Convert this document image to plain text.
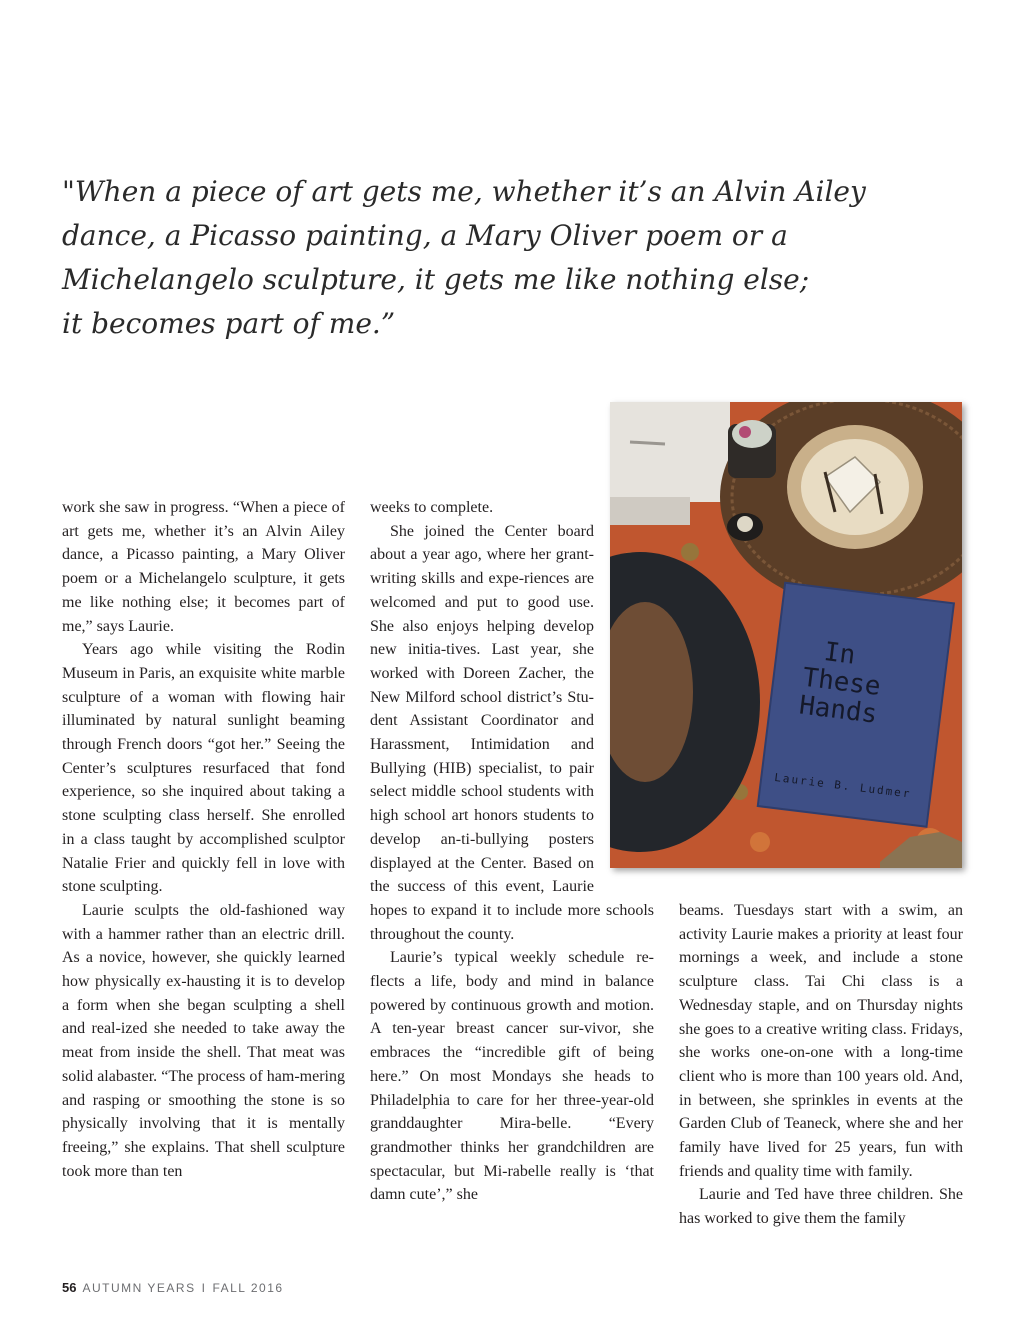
"When a piece of art gets me, whether it’s an Alvin Ailey
dance, a Picasso painting, a Mary Oliver poem or a
Michelangelo sculpture, it gets me like nothing else;
it becomes part of me.”

work she saw in progress. “When a piece of art gets me, whether it’s an Alvin Ailey dance, a Picasso painting, a Mary Oliver poem or a Michelangelo sculpture, it gets me like nothing else; it becomes part of me,” says Laurie.

Years ago while visiting the Rodin Museum in Paris, an exquisite white marble sculpture of a woman with flowing hair illuminated by natural sunlight beaming through French doors “got her.” Seeing the Center’s sculptures resurfaced that fond experience, so she inquired about taking a stone sculpting class herself. She enrolled in a class taught by accomplished sculptor Natalie Frier and quickly fell in love with stone sculpting.

Laurie sculpts the old-fashioned way with a hammer rather than an electric drill. As a novice, however, she quickly learned how physically ex-hausting it is to develop a form when she began sculpting a shell and real-ized she needed to take away the meat from inside the shell. That meat was solid alabaster. “The process of ham-mering and rasping or smoothing the stone is so physically involving that it is mentally freeing,” she explains. That shell sculpture took more than ten

weeks to complete.

She joined the Center board about a year ago, where her grant-writing skills and expe-riences are welcomed and put to good use. She also enjoys helping develop new initia-tives. Last year, she worked with Doreen Zacher, the New Milford school district’s Stu-dent Assistant Coordinator and Harassment, Intimidation and Bullying (HIB) specialist, to pair select middle school students with high school art honors students to develop an-ti-bullying posters displayed at the Center. Based on the success of this event, Laurie hopes to expand it to include more schools throughout the county.

Laurie’s typical weekly schedule re-flects a life, body and mind in balance powered by continuous growth and motion. A ten-year breast cancer sur-vivor, she embraces the “incredible gift of being here.” On most Mondays she heads to Philadelphia to care for her three-year-old granddaughter Mira-belle. “Every grandmother thinks her grandchildren are spectacular, but Mi-rabelle really is ‘that damn cute’,” she

beams. Tuesdays start with a swim, an activity Laurie makes a priority at least four mornings a week, and include a stone sculpture class. Tai Chi class is a Wednesday staple, and on Thursday nights she goes to a creative writing class. Fridays, she works one-on-one with a long-time client who is more than 100 years old. And, in between, she sprinkles in events at the Garden Club of Teaneck, where she and her family have lived for 25 years, fun with friends and quality time with family.

Laurie and Ted have three children. She has worked to give them the family

In
These
Hands
Laurie B. Ludmer
56 AUTUMN YEARS I FALL 2016
